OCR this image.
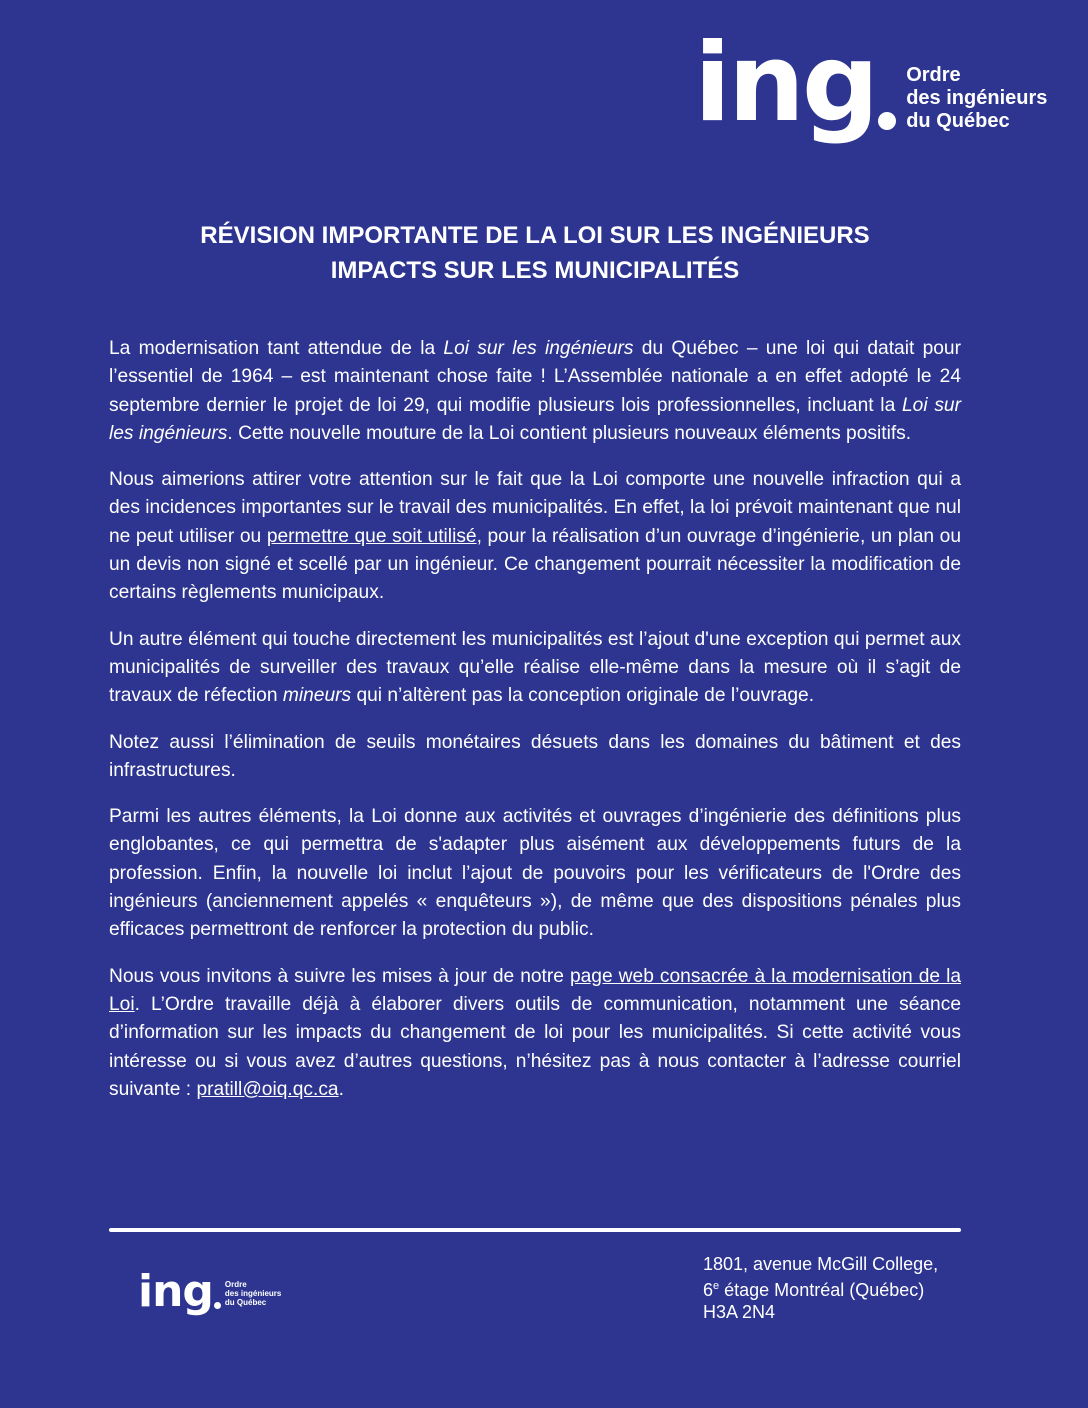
ing Ordre
des ingénieurs
du Québec
RÉVISION IMPORTANTE DE LA LOI SUR LES INGÉNIEURS
IMPACTS SUR LES MUNICIPALITÉS

La modernisation tant attendue de la Loi sur les ingénieurs du Québec – une loi qui datait pour l’essentiel de 1964 – est maintenant chose faite ! L’Assemblée nationale a en effet adopté le 24 septembre dernier le projet de loi 29, qui modifie plusieurs lois professionnelles, incluant la Loi sur les ingénieurs. Cette nouvelle mouture de la Loi contient plusieurs nouveaux éléments positifs.

Nous aimerions attirer votre attention sur le fait que la Loi comporte une nouvelle infraction qui a des incidences importantes sur le travail des municipalités. En effet, la loi prévoit maintenant que nul ne peut utiliser ou permettre que soit utilisé, pour la réalisation d’un ouvrage d’ingénierie, un plan ou un devis non signé et scellé par un ingénieur. Ce changement pourrait nécessiter la modification de certains règlements municipaux.

Un autre élément qui touche directement les municipalités est l’ajout d'une exception qui permet aux municipalités de surveiller des travaux qu’elle réalise elle-même dans la mesure où il s’agit de travaux de réfection mineurs qui n’altèrent pas la conception originale de l’ouvrage.

Notez aussi l’élimination de seuils monétaires désuets dans les domaines du bâtiment et des infrastructures.

Parmi les autres éléments, la Loi donne aux activités et ouvrages d’ingénierie des définitions plus englobantes, ce qui permettra de s'adapter plus aisément aux développements futurs de la profession. Enfin, la nouvelle loi inclut l’ajout de pouvoirs pour les vérificateurs de l'Ordre des ingénieurs (anciennement appelés « enquêteurs »), de même que des dispositions pénales plus efficaces permettront de renforcer la protection du public.

Nous vous invitons à suivre les mises à jour de notre page web consacrée à la modernisation de la Loi. L’Ordre travaille déjà à élaborer divers outils de communication, notamment une séance d’information sur les impacts du changement de loi pour les municipalités. Si cette activité vous intéresse ou si vous avez d’autres questions, n’hésitez pas à nous contacter à l’adresse courriel suivante : pratill@oiq.qc.ca.

ing Ordre
des ingénieurs
du Québec
1801, avenue McGill College,
6e étage Montréal (Québec)
H3A 2N4
